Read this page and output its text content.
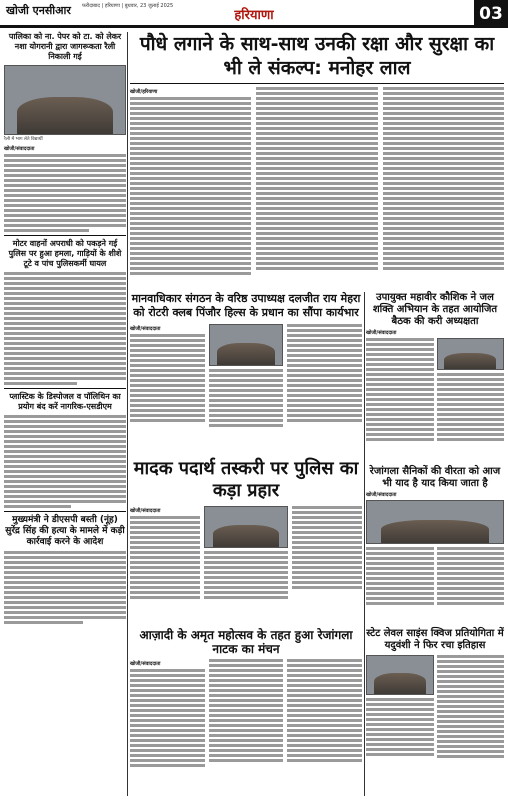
खोजी एनसीआर फरीदाबाद | हरियाणा | बुधवार, 23 जुलाई 2025
हरियाणा	03
पालिका को ना. पेपर को टा. को लेकर नशा योगरानी द्वारा जागरूकता रैली निकाली गई
रैली में भाग लेते विद्यार्थी
खोजी/संवाददाता
मोटर वाहनों अपराधी को पकड़ने गई पुलिस पर हुआ हमला, गाड़ियों के शीशे टूटे व पांच पुलिसकर्मी घायल
प्लास्टिक के डिस्पोजल व पॉलिथिन का प्रयोग बंद करें नागरिक-एसडीएम
मुख्यमंत्री ने डीएसपी बस्ती (नूंह) सुरेंद्र सिंह की हत्या के मामले में कड़ी कार्रवाई करने के आदेश
पौधे लगाने के साथ-साथ उनकी रक्षा और सुरक्षा का भी ले संकल्प: मनोहर लाल
खोजी/हरियाणा
मानवाधिकार संगठन के वरिष्ठ उपाध्यक्ष दलजीत राय मेहरा को रोटरी क्लब पिंजौर हिल्स के प्रधान का सौंपा कार्यभार
खोजी/संवाददाता
उपायुक्त महावीर कौशिक ने जल शक्ति अभियान के तहत आयोजित बैठक की करी अध्यक्षता
खोजी/संवाददाता
मादक पदार्थ तस्करी पर पुलिस का कड़ा प्रहार
खोजी/संवाददाता
रेजांगला सैनिकों की वीरता को आज भी याद है याद किया जाता है
खोजी/संवाददाता
आज़ादी के अमृत महोत्सव के तहत हुआ रेजांगला नाटक का मंचन
खोजी/संवाददाता
स्टेट लेवल साइंस क्विज प्रतियोगिता में यदुवंशी ने फिर रचा इतिहास
